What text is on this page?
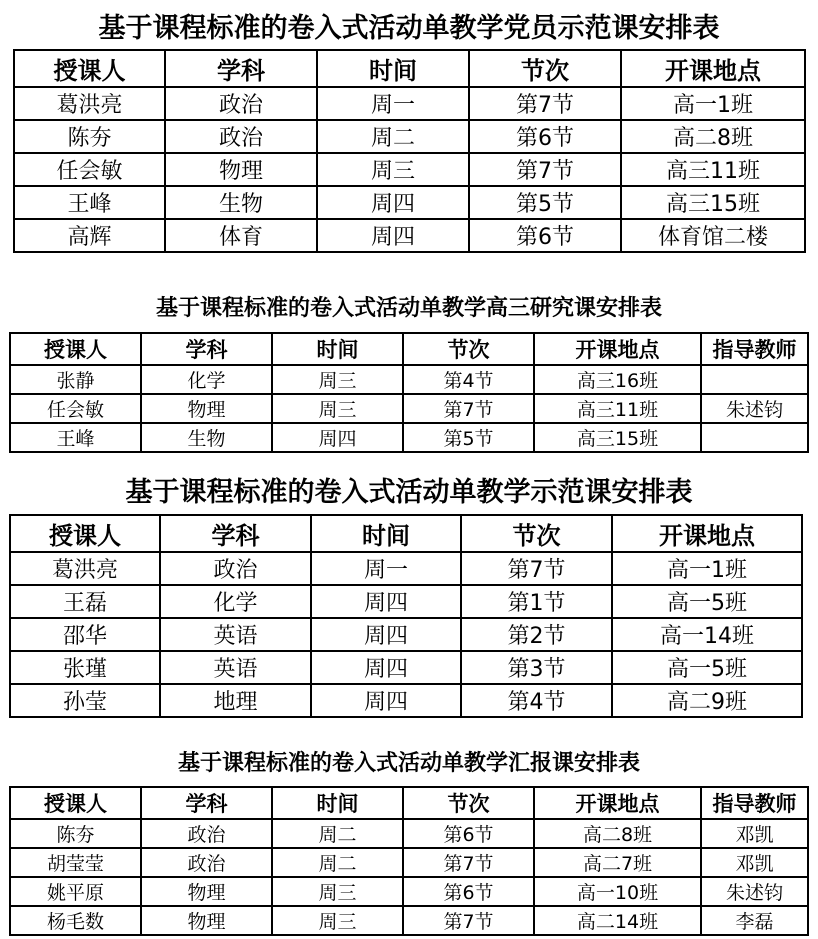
基于课程标准的卷入式活动单教学党员示范课安排表
授课人	学科	时间	节次	开课地点
葛洪亮	政治	周一	第7节	高一1班
陈夯	政治	周二	第6节	高二8班
任会敏	物理	周三	第7节	高三11班
王峰	生物	周四	第5节	高三15班
高辉	体育	周四	第6节	体育馆二楼
基于课程标准的卷入式活动单教学高三研究课安排表
授课人	学科	时间	节次	开课地点	指导教师
张静	化学	周三	第4节	高三16班	
任会敏	物理	周三	第7节	高三11班	朱述钧
王峰	生物	周四	第5节	高三15班	
基于课程标准的卷入式活动单教学示范课安排表
授课人	学科	时间	节次	开课地点
葛洪亮	政治	周一	第7节	高一1班
王磊	化学	周四	第1节	高一5班
邵华	英语	周四	第2节	高一14班
张瑾	英语	周四	第3节	高一5班
孙莹	地理	周四	第4节	高二9班
基于课程标准的卷入式活动单教学汇报课安排表
授课人	学科	时间	节次	开课地点	指导教师
陈夯	政治	周二	第6节	高二8班	邓凯
胡莹莹	政治	周二	第7节	高二7班	邓凯
姚平原	物理	周三	第6节	高一10班	朱述钧
杨毛数	物理	周三	第7节	高二14班	李磊
